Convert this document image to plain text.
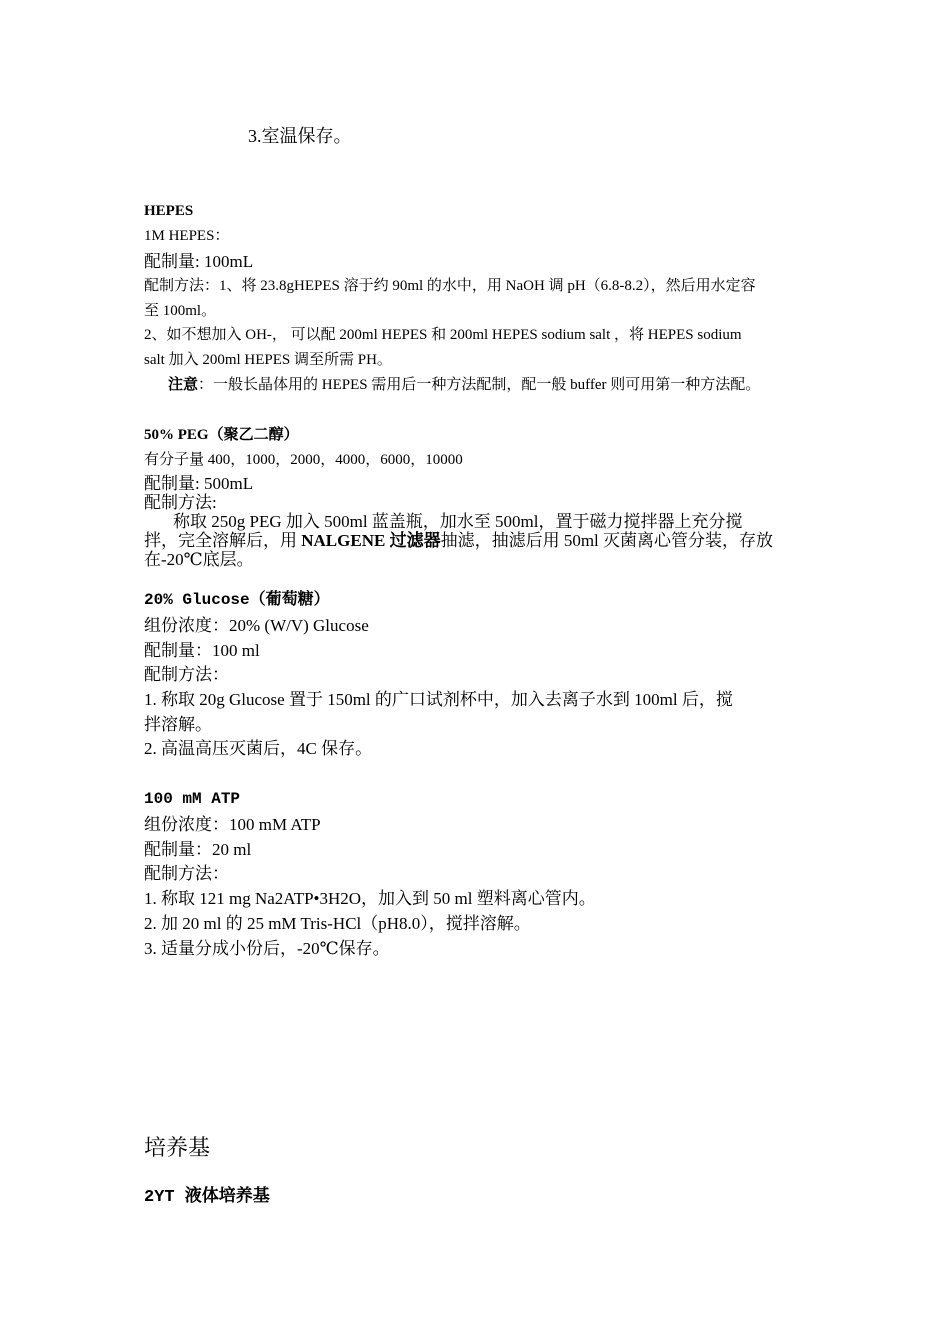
3.室温保存。
HEPES
1M HEPES：
配制量: 100mL
配制方法：1、将 23.8gHEPES 溶于约 90ml 的水中，用 NaOH 调 pH（6.8-8.2），然后用水定容
至 100ml。
2、如不想加入 OH-， 可以配 200ml HEPES 和 200ml HEPES sodium salt ，将 HEPES sodium
salt 加入 200ml HEPES 调至所需 PH。
注意：一般长晶体用的 HEPES 需用后一种方法配制，配一般 buffer 则可用第一种方法配。
50% PEG（聚乙二醇）
有分子量 400，1000，2000，4000，6000，10000
配制量: 500mL
配制方法:
称取 250g PEG 加入 500ml 蓝盖瓶，加水至 500ml，置于磁力搅拌器上充分搅
拌，完全溶解后，用 NALGENE 过滤器抽滤，抽滤后用 50ml 灭菌离心管分装，存放
在-20℃底层。
20% Glucose（葡萄糖）
组份浓度：20% (W/V) Glucose
配制量：100 ml
配制方法：
1. 称取 20g Glucose 置于 150ml 的广口试剂杯中，加入去离子水到 100ml 后，搅
拌溶解。
2. 高温高压灭菌后，4C 保存。
100 mM ATP
组份浓度：100 mM ATP
配制量：20 ml
配制方法：
1. 称取 121 mg Na2ATP•3H2O，加入到 50 ml 塑料离心管内。
2. 加 20 ml 的 25 mM Tris-HCl（pH8.0），搅拌溶解。
3. 适量分成小份后，-20℃保存。
培养基
2YT 液体培养基
